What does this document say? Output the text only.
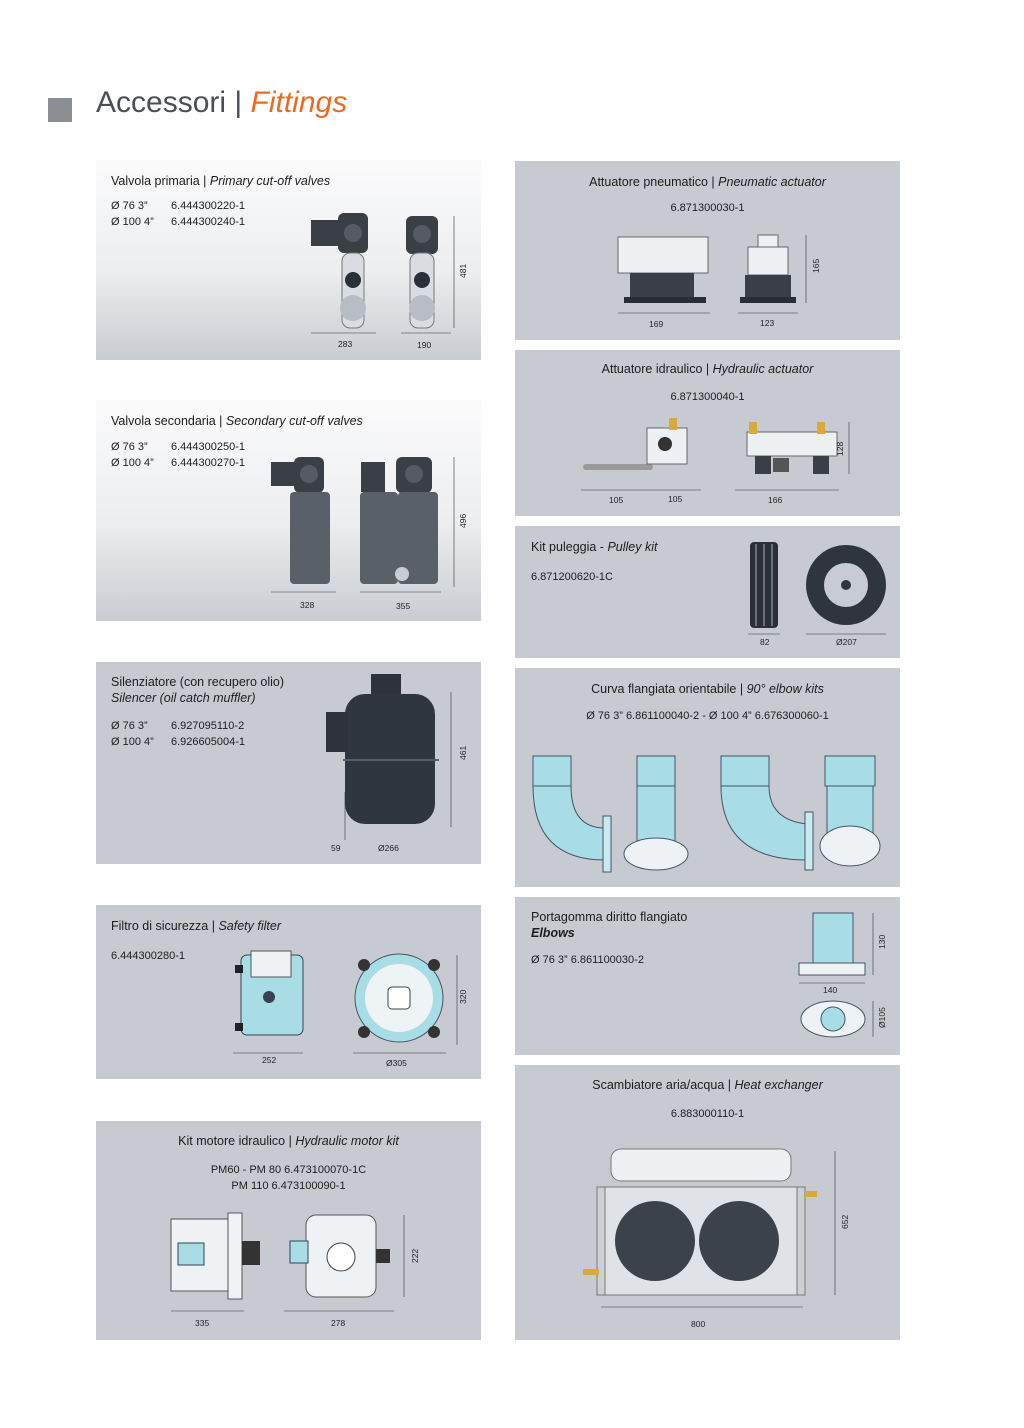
Accessori | Fittings
Valvola primaria | Primary cut-off valves
Ø 76 3” 6.444300220-1
Ø 100 4” 6.444300240-1
283	190
481
Valvola secondaria | Secondary cut-off valves
Ø 76 3” 6.444300250-1
Ø 100 4” 6.444300270-1
328	355
496
Silenziatore (con recupero olio)
Silencer (oil catch muffler)
Ø 76 3” 6.927095110-2
Ø 100 4” 6.926605004-1
59	Ø266
461
Filtro di sicurezza | Safety filter
6.444300280-1
252	Ø305
320
Kit motore idraulico | Hydraulic motor kit
PM60 - PM 80 6.473100070-1C
PM 110 6.473100090-1
335	278
222
Attuatore pneumatico | Pneumatic actuator
6.871300030-1
169	123
165
Attuatore idraulico | Hydraulic actuator
6.871300040-1
105	105	166
128
Kit puleggia - Pulley kit
6.871200620-1C
82	Ø207
Curva flangiata orientabile | 90° elbow kits
Ø 76 3” 6.861100040-2 - Ø 100 4” 6.676300060-1
Portagomma diritto flangiato
Elbows
Ø 76 3” 6.861100030-2
140
130
Ø105
Scambiatore aria/acqua | Heat exchanger
6.883000110-1
800
652
